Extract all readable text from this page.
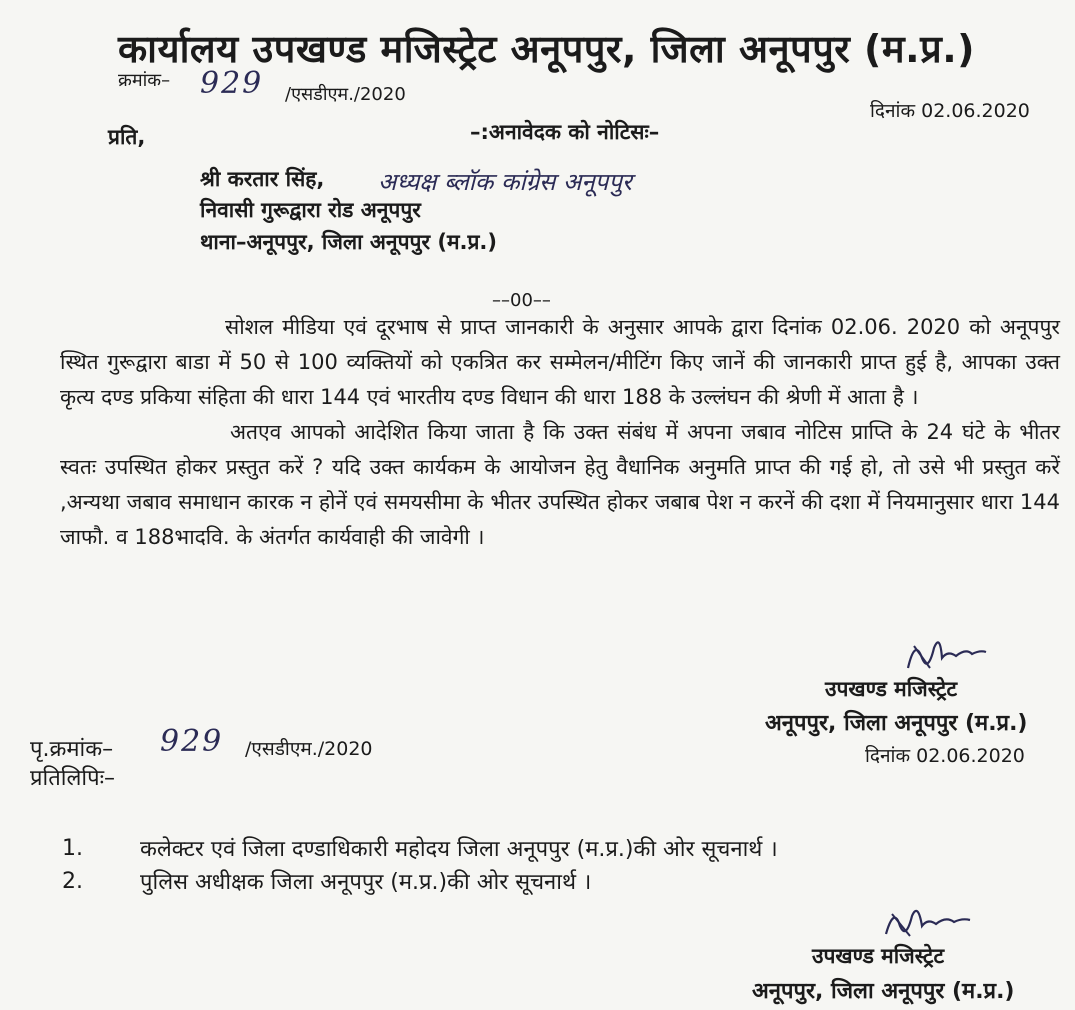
कार्यालय उपखण्ड मजिस्ट्रेट अनूपपुर, जिला अनूपपुर (म.प्र.)
क्रमांक– 929 /एसडीएम./2020
दिनांक 02.06.2020
प्रति,	–:अनावेदक को नोटिसः–
श्री करतार सिंह, अध्यक्ष ब्लॉक कांग्रेस अनूपपुर
निवासी गुरूद्वारा रोड अनूपपुर
थाना–अनूपपुर, जिला अनूपपुर (म.प्र.)
––00––

सोशल मीडिया एवं दूरभाष से प्राप्त जानकारी के अनुसार आपके द्वारा दिनांक 02.06. 2020 को अनूपपुर स्थित गुरूद्वारा बाडा में 50 से 100 व्यक्तियों को एकत्रित कर सम्मेलन/मीटिंग किए जानें की जानकारी प्राप्त हुई है, आपका उक्त कृत्य दण्ड प्रकिया संहिता की धारा 144 एवं भारतीय दण्ड विधान की धारा 188 के उल्लंघन की श्रेणी में आता है ।

अतएव आपको आदेशित किया जाता है कि उक्त संबंध में अपना जबाव नोटिस प्राप्ति के 24 घंटे के भीतर स्वतः उपस्थित होकर प्रस्तुत करें ? यदि उक्त कार्यकम के आयोजन हेतु वैधानिक अनुमति प्राप्त की गई हो, तो उसे भी प्रस्तुत करें ,अन्यथा जबाव समाधान कारक न होनें एवं समयसीमा के भीतर उपस्थित होकर जबाब पेश न करनें की दशा में नियमानुसार धारा 144 जाफौ. व 188भादवि. के अंतर्गत कार्यवाही की जावेगी ।

उपखण्ड मजिस्ट्रेट
अनूपपुर, जिला अनूपपुर (म.प्र.)
दिनांक 02.06.2020
पृ.क्रमांक– 929 /एसडीएम./2020
प्रतिलिपिः–
1.	कलेक्टर एवं जिला दण्डाधिकारी महोदय जिला अनूपपुर (म.प्र.)की ओर सूचनार्थ ।
2.	पुलिस अधीक्षक जिला अनूपपुर (म.प्र.)की ओर सूचनार्थ ।
उपखण्ड मजिस्ट्रेट
अनूपपुर, जिला अनूपपुर (म.प्र.)
